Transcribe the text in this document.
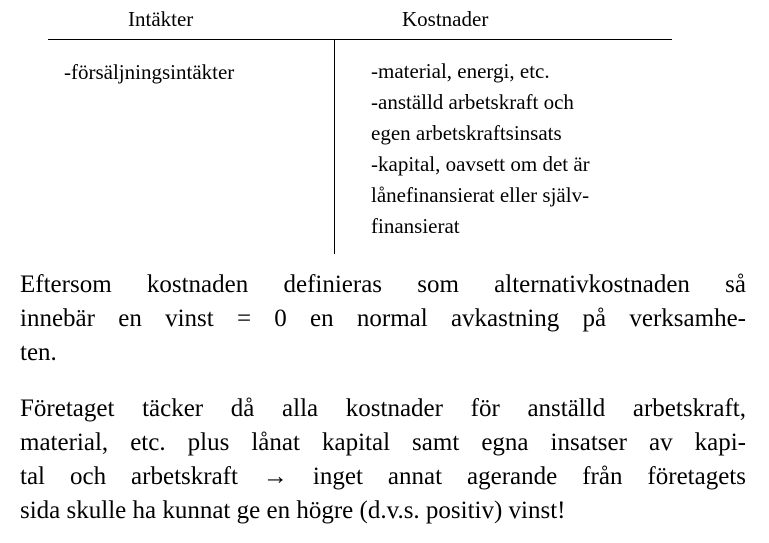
Intäkter	Kostnader
-försäljningsintäkter	-material, energi, etc.
-anställd arbetskraft och
egen arbetskraftsinsats
-kapital, oavsett om det är
lånefinansierat eller själv-
finansierat
Eftersom kostnaden definieras som alternativkostnaden så
innebär en vinst = 0 en normal avkastning på verksamhe-
ten.
Företaget täcker då alla kostnader för anställd arbetskraft,
material, etc. plus lånat kapital samt egna insatser av kapi-
tal och arbetskraft → inget annat agerande från företagets
sida skulle ha kunnat ge en högre (d.v.s. positiv) vinst!
